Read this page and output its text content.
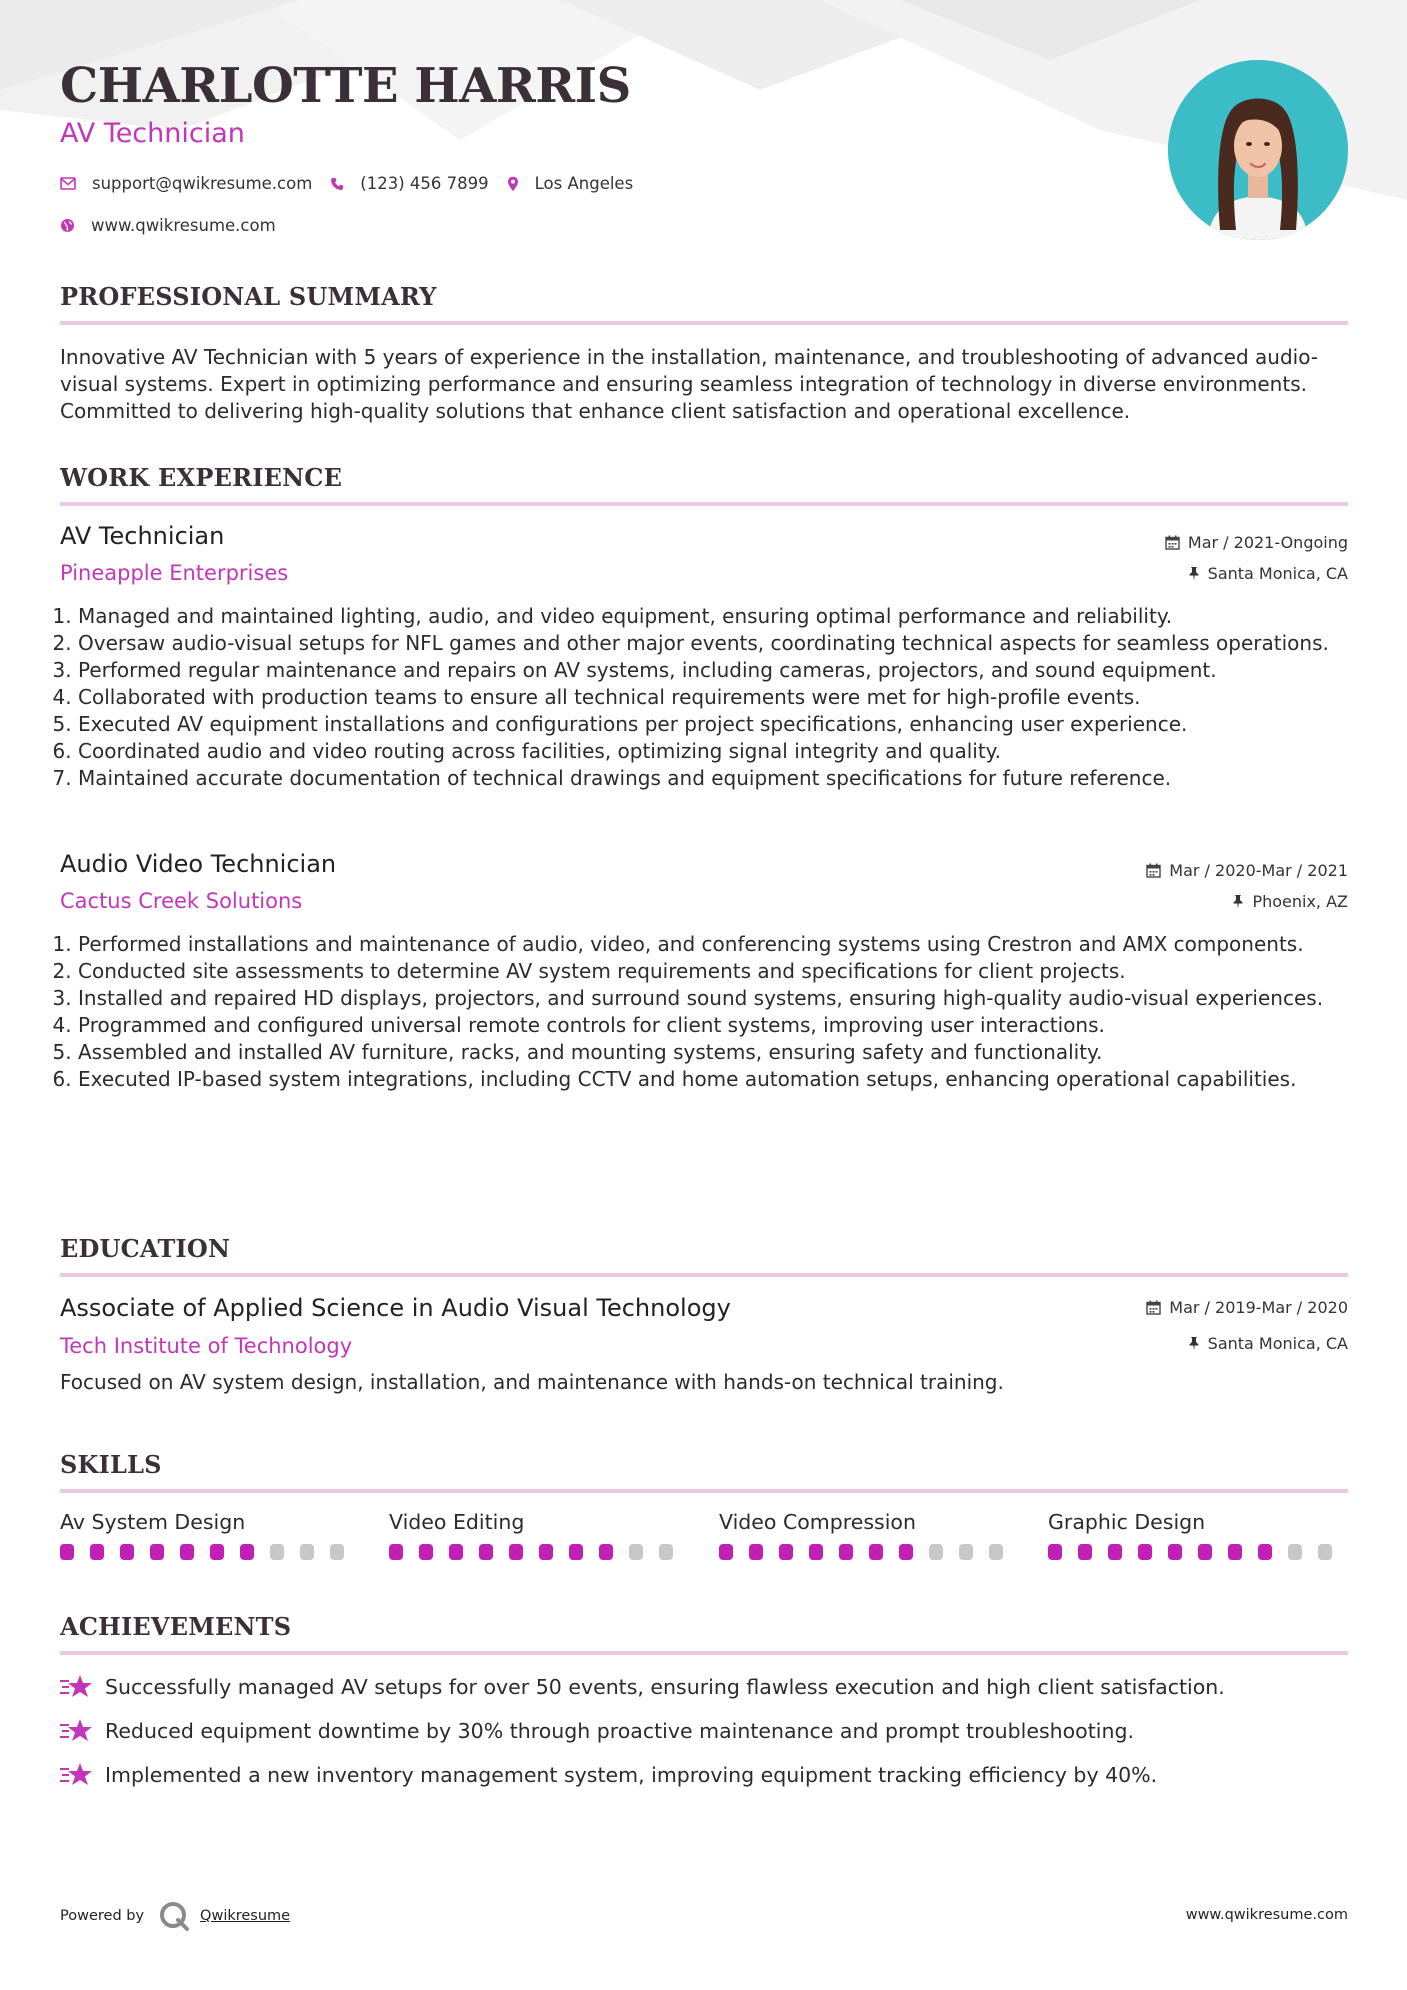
CHARLOTTE HARRIS
AV Technician
support@qwikresume.com	(123) 456 7899	Los Angeles
www.qwikresume.com
PROFESSIONAL SUMMARY
Innovative AV Technician with 5 years of experience in the installation, maintenance, and troubleshooting of advanced audio-visual systems. Expert in optimizing performance and ensuring seamless integration of technology in diverse environments. Committed to delivering high-quality solutions that enhance client satisfaction and operational excellence.
WORK EXPERIENCE
AV Technician
Pineapple Enterprises
Mar / 2021-Ongoing
Santa Monica, CA
1. Managed and maintained lighting, audio, and video equipment, ensuring optimal performance and reliability.
2. Oversaw audio-visual setups for NFL games and other major events, coordinating technical aspects for seamless operations.
3. Performed regular maintenance and repairs on AV systems, including cameras, projectors, and sound equipment.
4. Collaborated with production teams to ensure all technical requirements were met for high-profile events.
5. Executed AV equipment installations and configurations per project specifications, enhancing user experience.
6. Coordinated audio and video routing across facilities, optimizing signal integrity and quality.
7. Maintained accurate documentation of technical drawings and equipment specifications for future reference.
Audio Video Technician
Cactus Creek Solutions
Mar / 2020-Mar / 2021
Phoenix, AZ
1. Performed installations and maintenance of audio, video, and conferencing systems using Crestron and AMX components.
2. Conducted site assessments to determine AV system requirements and specifications for client projects.
3. Installed and repaired HD displays, projectors, and surround sound systems, ensuring high-quality audio-visual experiences.
4. Programmed and configured universal remote controls for client systems, improving user interactions.
5. Assembled and installed AV furniture, racks, and mounting systems, ensuring safety and functionality.
6. Executed IP-based system integrations, including CCTV and home automation setups, enhancing operational capabilities.
EDUCATION
Associate of Applied Science in Audio Visual Technology
Tech Institute of Technology
Mar / 2019-Mar / 2020
Santa Monica, CA
Focused on AV system design, installation, and maintenance with hands-on technical training.
SKILLS
Av System Design	Video Editing	Video Compression	Graphic Design
ACHIEVEMENTS
Successfully managed AV setups for over 50 events, ensuring flawless execution and high client satisfaction.
Reduced equipment downtime by 30% through proactive maintenance and prompt troubleshooting.
Implemented a new inventory management system, improving equipment tracking efficiency by 40%.
Powered by	Qwikresume	www.qwikresume.com
